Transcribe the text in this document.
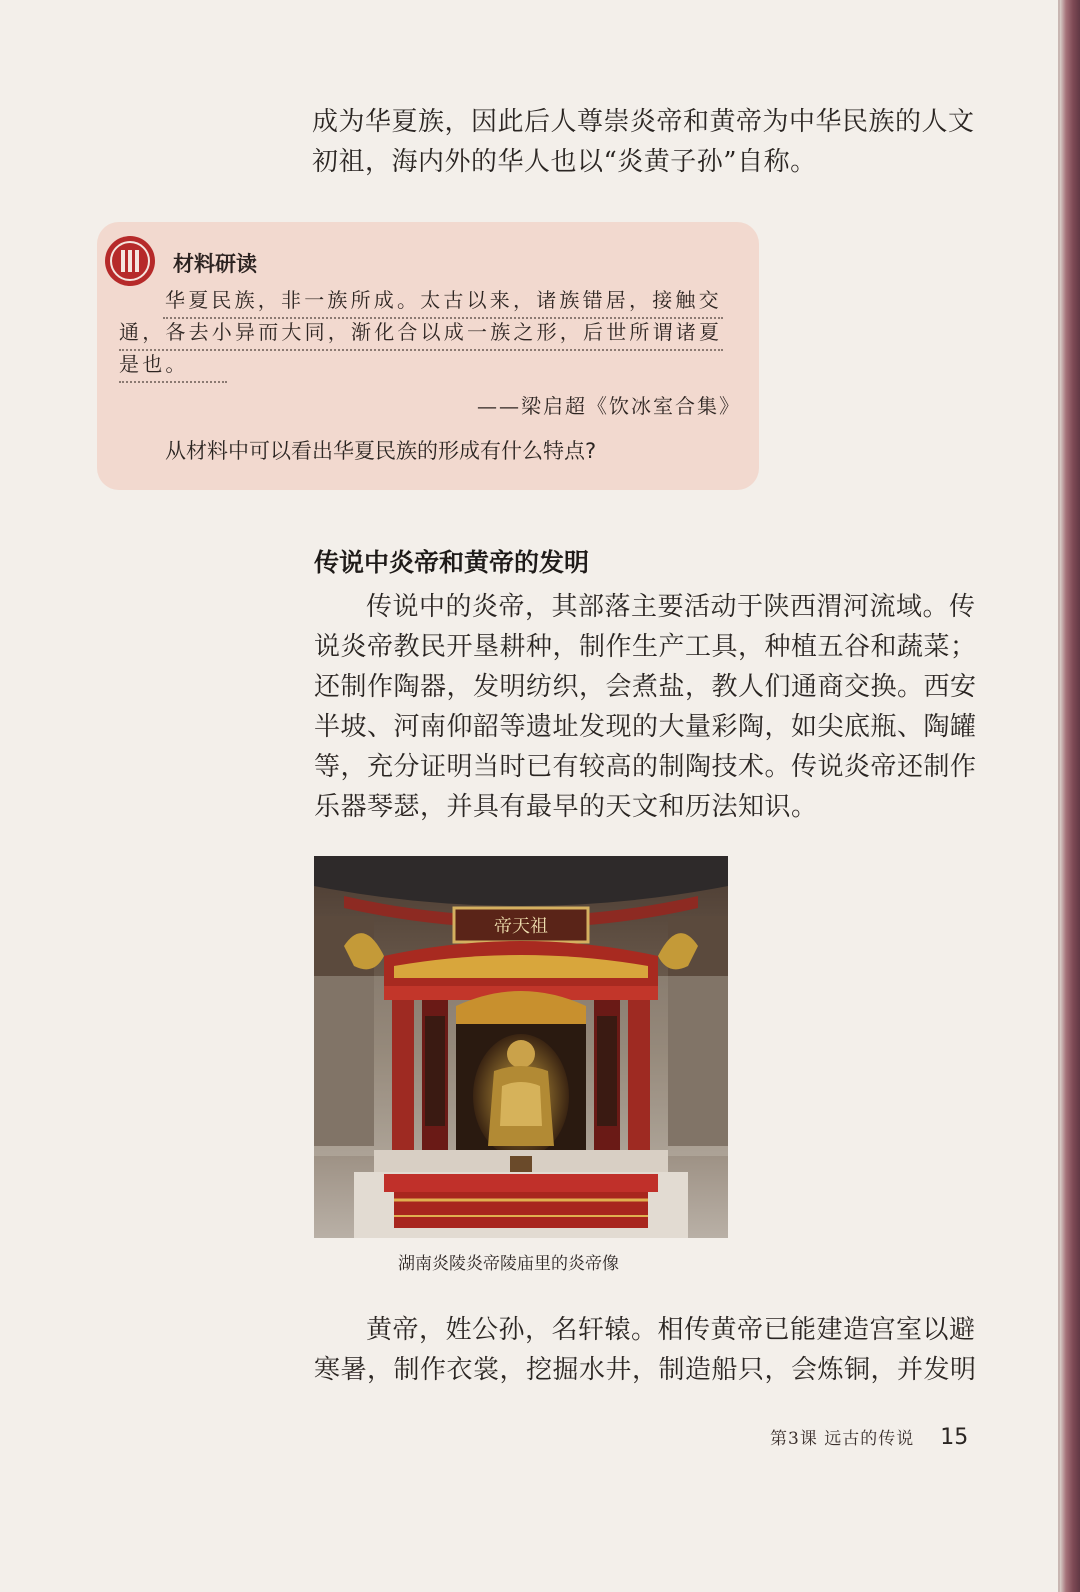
成为华夏族，因此后人尊崇炎帝和黄帝为中华民族的人文初祖，海内外的华人也以“炎黄子孙”自称。

材料研读

华夏民族，非一族所成。太古以来，诸族错居，接触交通，各去小异而大同，渐化合以成一族之形，后世所谓诸夏是也。

——梁启超《饮冰室合集》
从材料中可以看出华夏民族的形成有什么特点?
传说中炎帝和黄帝的发明

传说中的炎帝，其部落主要活动于陕西渭河流域。传说炎帝教民开垦耕种，制作生产工具，种植五谷和蔬菜；还制作陶器，发明纺织，会煮盐，教人们通商交换。西安半坡、河南仰韶等遗址发现的大量彩陶，如尖底瓶、陶罐等，充分证明当时已有较高的制陶技术。传说炎帝还制作乐器琴瑟，并具有最早的天文和历法知识。

帝天祖
湖南炎陵炎帝陵庙里的炎帝像

黄帝，姓公孙，名轩辕。相传黄帝已能建造宫室以避寒暑，制作衣裳，挖掘水井，制造船只，会炼铜，并发明

第3课 远古的传说 15
